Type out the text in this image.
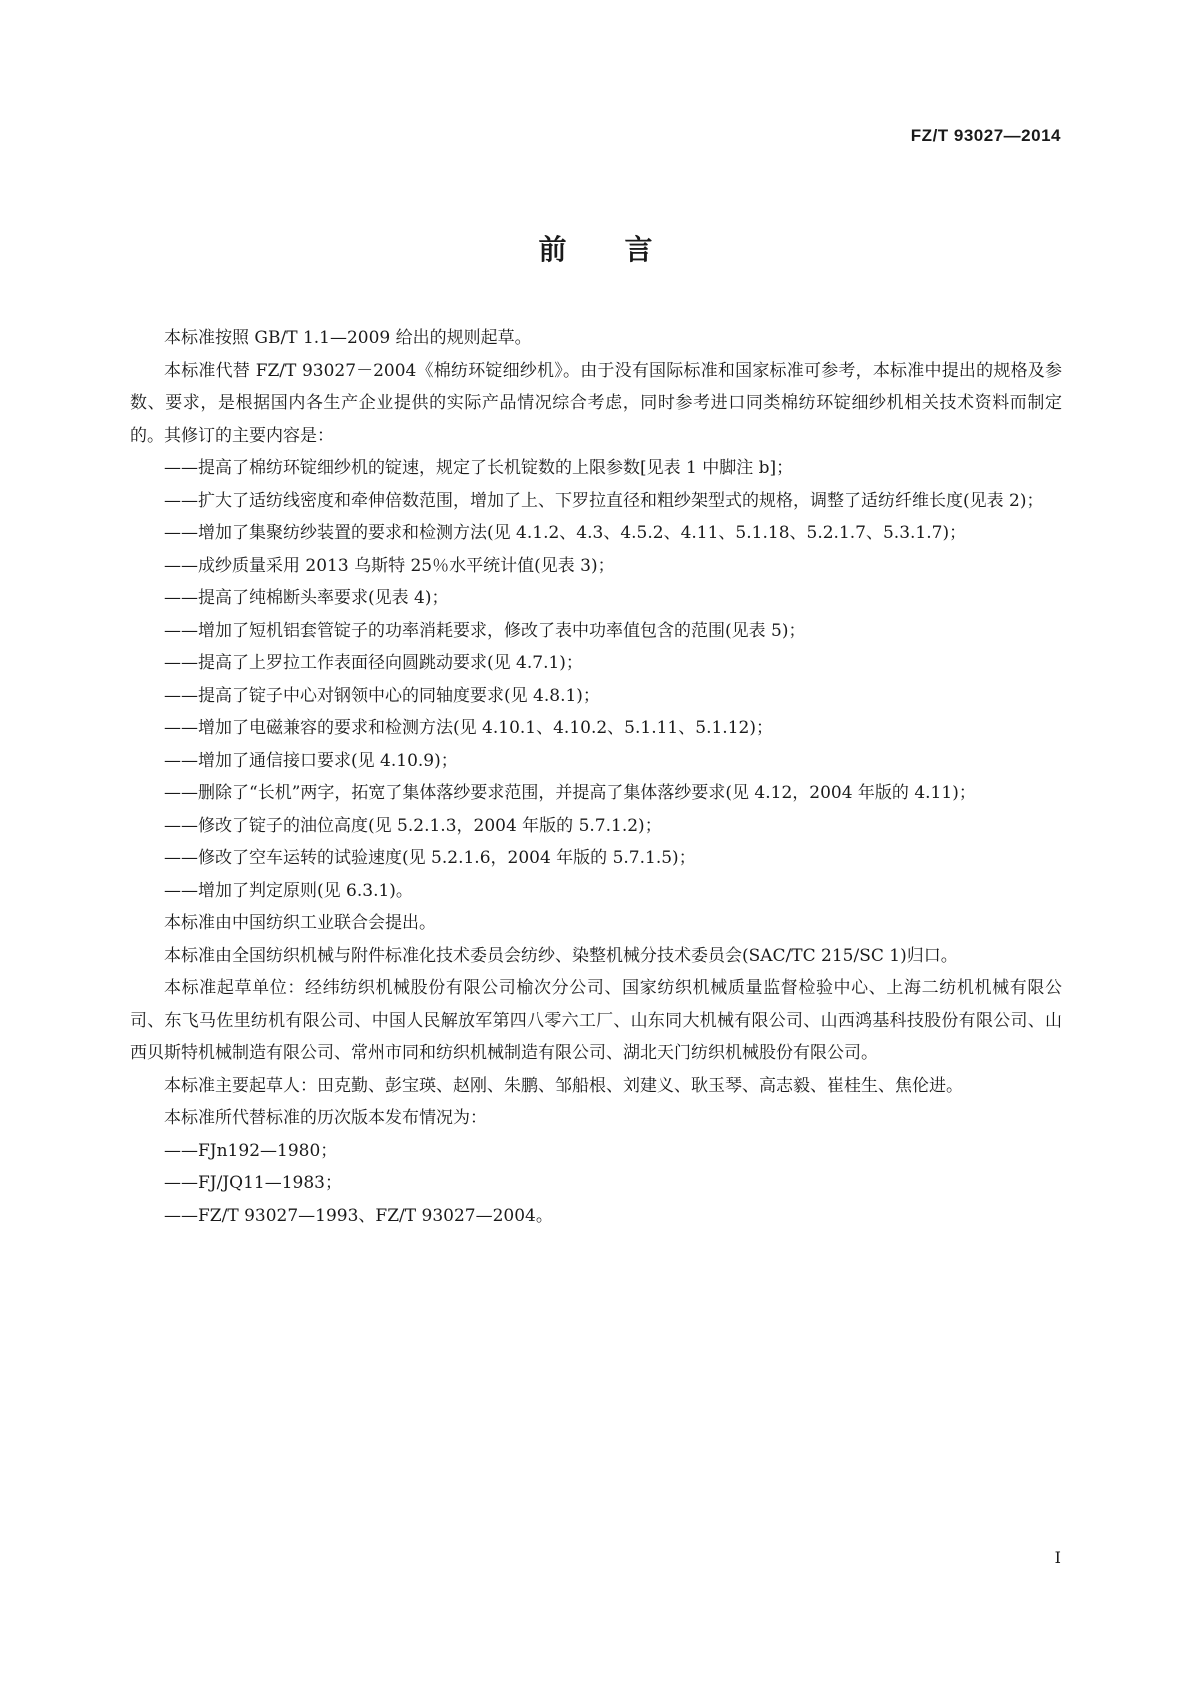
FZ/T 93027—2014
前言

本标准按照 GB/T 1.1—2009 给出的规则起草。

本标准代替 FZ/T 93027－2004《棉纺环锭细纱机》。由于没有国际标准和国家标准可参考，本标准中提出的规格及参数、要求，是根据国内各生产企业提供的实际产品情况综合考虑，同时参考进口同类棉纺环锭细纱机相关技术资料而制定的。其修订的主要内容是：

——提高了棉纺环锭细纱机的锭速，规定了长机锭数的上限参数[见表 1 中脚注 b]；

——扩大了适纺线密度和牵伸倍数范围，增加了上、下罗拉直径和粗纱架型式的规格，调整了适纺纤维长度(见表 2)；

——增加了集聚纺纱装置的要求和检测方法(见 4.1.2、4.3、4.5.2、4.11、5.1.18、5.2.1.7、5.3.1.7)；

——成纱质量采用 2013 乌斯特 25％水平统计值(见表 3)；

——提高了纯棉断头率要求(见表 4)；

——增加了短机铝套管锭子的功率消耗要求，修改了表中功率值包含的范围(见表 5)；

——提高了上罗拉工作表面径向圆跳动要求(见 4.7.1)；

——提高了锭子中心对钢领中心的同轴度要求(见 4.8.1)；

——增加了电磁兼容的要求和检测方法(见 4.10.1、4.10.2、5.1.11、5.1.12)；

——增加了通信接口要求(见 4.10.9)；

——删除了“长机”两字，拓宽了集体落纱要求范围，并提高了集体落纱要求(见 4.12，2004 年版的 4.11)；

——修改了锭子的油位高度(见 5.2.1.3，2004 年版的 5.7.1.2)；

——修改了空车运转的试验速度(见 5.2.1.6，2004 年版的 5.7.1.5)；

——增加了判定原则(见 6.3.1)。

本标准由中国纺织工业联合会提出。

本标准由全国纺织机械与附件标准化技术委员会纺纱、染整机械分技术委员会(SAC/TC 215/SC 1)归口。

本标准起草单位：经纬纺织机械股份有限公司榆次分公司、国家纺织机械质量监督检验中心、上海二纺机机械有限公司、东飞马佐里纺机有限公司、中国人民解放军第四八零六工厂、山东同大机械有限公司、山西鸿基科技股份有限公司、山西贝斯特机械制造有限公司、常州市同和纺织机械制造有限公司、湖北天门纺织机械股份有限公司。

本标准主要起草人：田克勤、彭宝瑛、赵刚、朱鹏、邹船根、刘建义、耿玉琴、高志毅、崔桂生、焦伦进。

本标准所代替标准的历次版本发布情况为：

——FJn192—1980；

——FJ/JQ11—1983；

——FZ/T 93027—1993、FZ/T 93027—2004。

I
